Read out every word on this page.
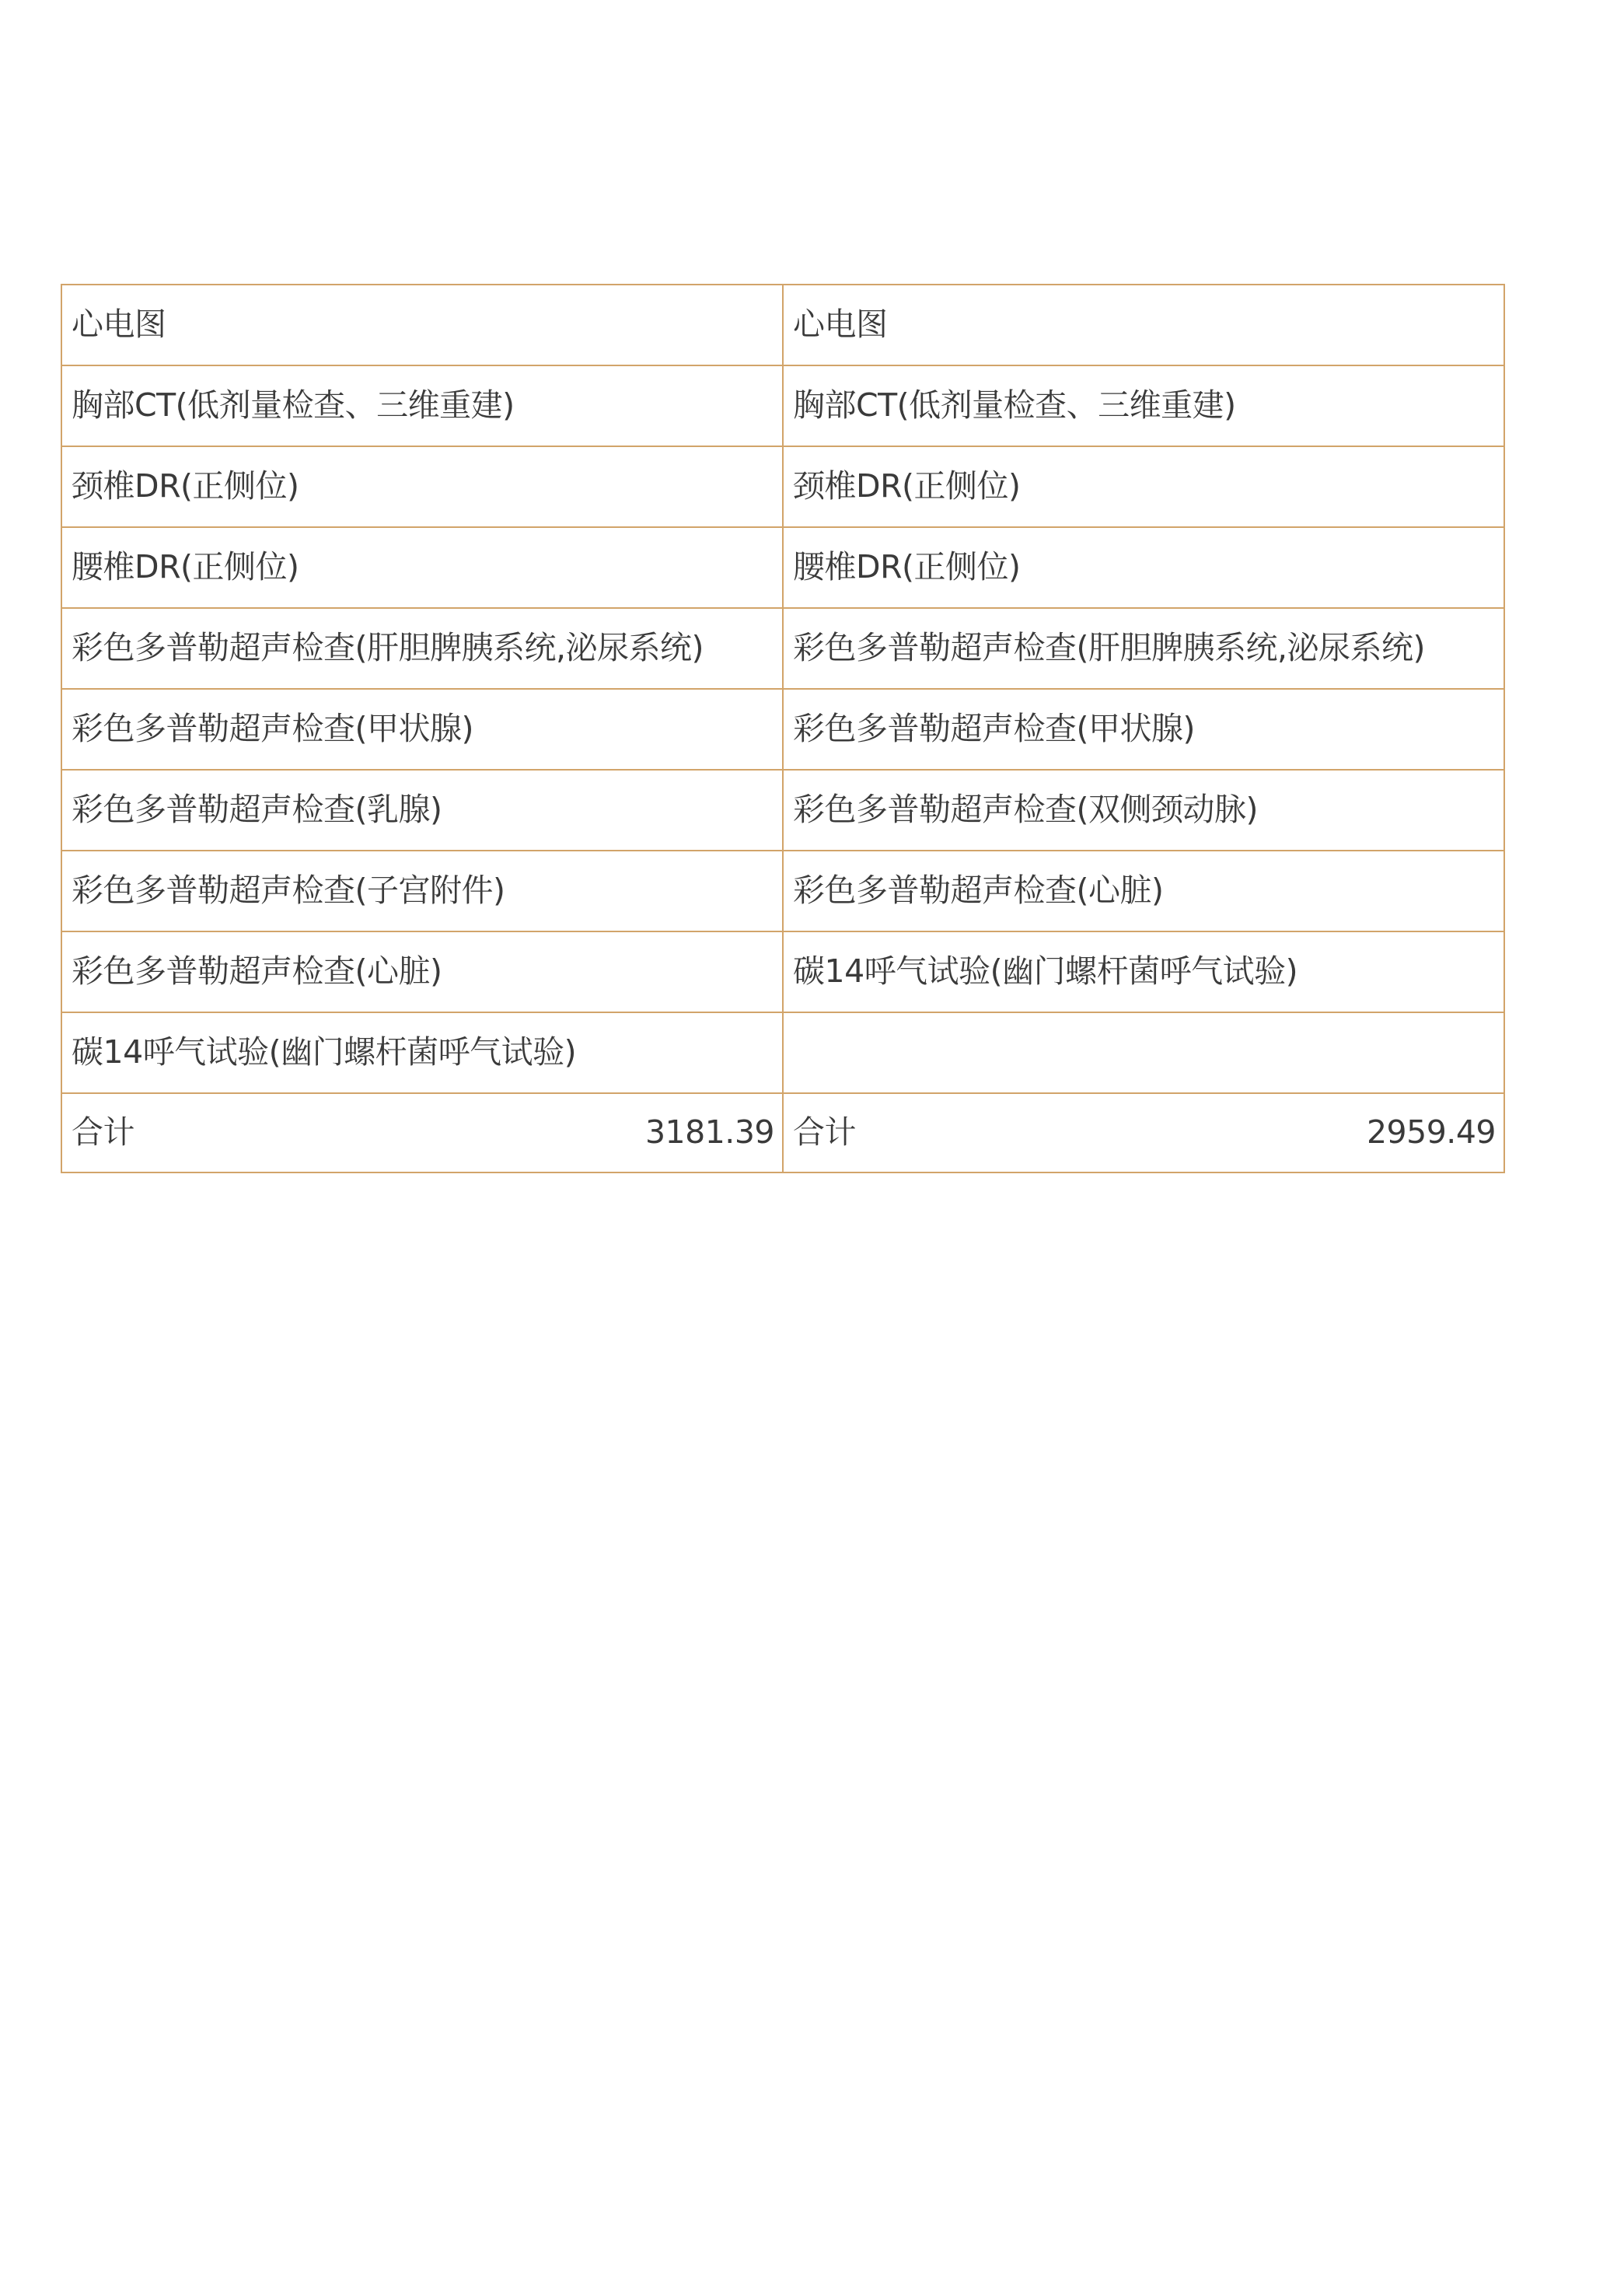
心电图	心电图
胸部CT(低剂量检查、三维重建)	胸部CT(低剂量检查、三维重建)
颈椎DR(正侧位)	颈椎DR(正侧位)
腰椎DR(正侧位)	腰椎DR(正侧位)
彩色多普勒超声检查(肝胆脾胰系统,泌尿系统)	彩色多普勒超声检查(肝胆脾胰系统,泌尿系统)
彩色多普勒超声检查(甲状腺)	彩色多普勒超声检查(甲状腺)
彩色多普勒超声检查(乳腺)	彩色多普勒超声检查(双侧颈动脉)
彩色多普勒超声检查(子宫附件)	彩色多普勒超声检查(心脏)
彩色多普勒超声检查(心脏)	碳14呼气试验(幽门螺杆菌呼气试验)
碳14呼气试验(幽门螺杆菌呼气试验)	

合计 3181.39	合计 2959.49
